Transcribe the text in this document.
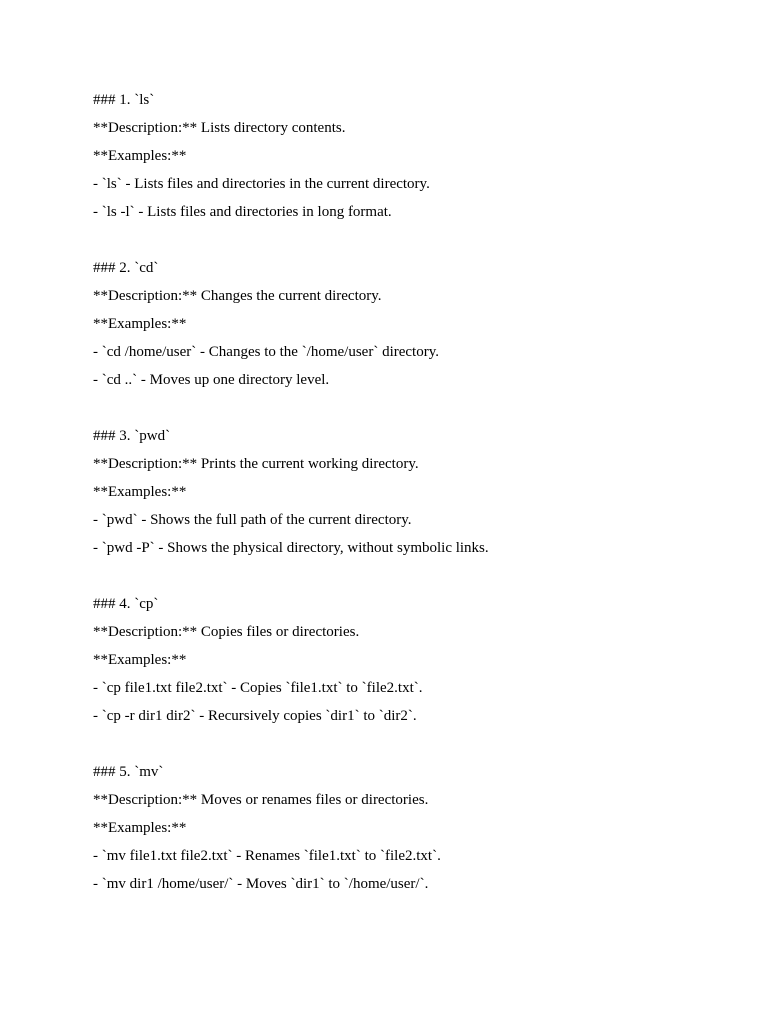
### 1. `ls`

**Description:** Lists directory contents.

**Examples:**

- `ls` - Lists files and directories in the current directory.

- `ls -l` - Lists files and directories in long format.

### 2. `cd`

**Description:** Changes the current directory.

**Examples:**

- `cd /home/user` - Changes to the `/home/user` directory.

- `cd ..` - Moves up one directory level.

### 3. `pwd`

**Description:** Prints the current working directory.

**Examples:**

- `pwd` - Shows the full path of the current directory.

- `pwd -P` - Shows the physical directory, without symbolic links.

### 4. `cp`

**Description:** Copies files or directories.

**Examples:**

- `cp file1.txt file2.txt` - Copies `file1.txt` to `file2.txt`.

- `cp -r dir1 dir2` - Recursively copies `dir1` to `dir2`.

### 5. `mv`

**Description:** Moves or renames files or directories.

**Examples:**

- `mv file1.txt file2.txt` - Renames `file1.txt` to `file2.txt`.

- `mv dir1 /home/user/` - Moves `dir1` to `/home/user/`.
